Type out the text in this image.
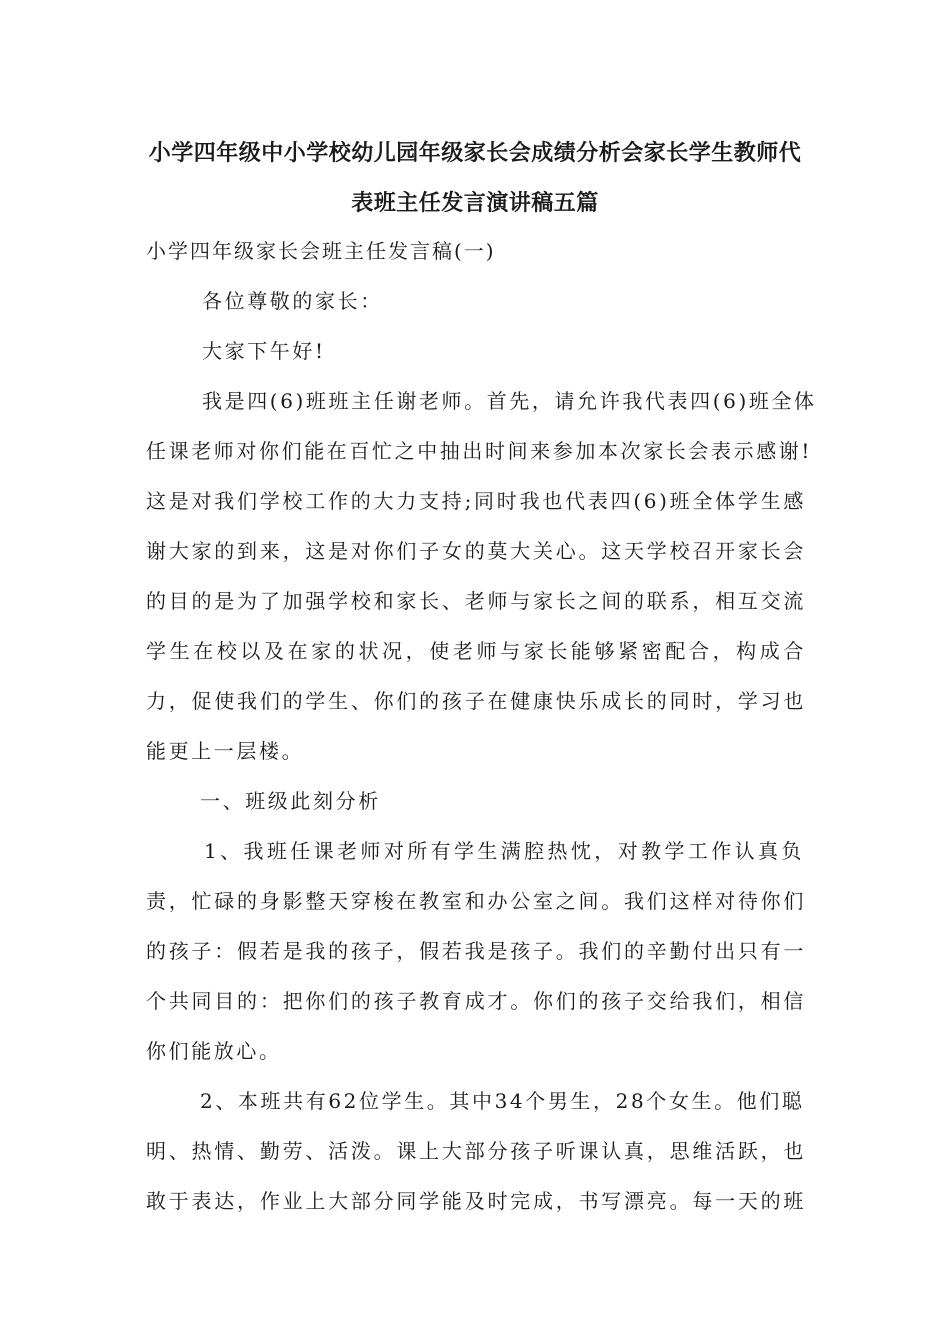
小学四年级中小学校幼儿园年级家长会成绩分析会家长学生教师代
表班主任发言演讲稿五篇
小学四年级家长会班主任发言稿(一)
各位尊敬的家长：
大家下午好!
我是四(6)班班主任谢老师。首先，请允许我代表四(6)班全体
任课老师对你们能在百忙之中抽出时间来参加本次家长会表示感谢!
这是对我们学校工作的大力支持;同时我也代表四(6)班全体学生感
谢大家的到来，这是对你们子女的莫大关心。这天学校召开家长会
的目的是为了加强学校和家长、老师与家长之间的联系，相互交流
学生在校以及在家的状况，使老师与家长能够紧密配合，构成合
力，促使我们的学生、你们的孩子在健康快乐成长的同时，学习也
能更上一层楼。
一、班级此刻分析
1、我班任课老师对所有学生满腔热忱，对教学工作认真负
责，忙碌的身影整天穿梭在教室和办公室之间。我们这样对待你们
的孩子：假若是我的孩子，假若我是孩子。我们的辛勤付出只有一
个共同目的：把你们的孩子教育成才。你们的孩子交给我们，相信
你们能放心。
2、本班共有62位学生。其中34个男生，28个女生。他们聪
明、热情、勤劳、活泼。课上大部分孩子听课认真，思维活跃，也
敢于表达，作业上大部分同学能及时完成，书写漂亮。每一天的班
